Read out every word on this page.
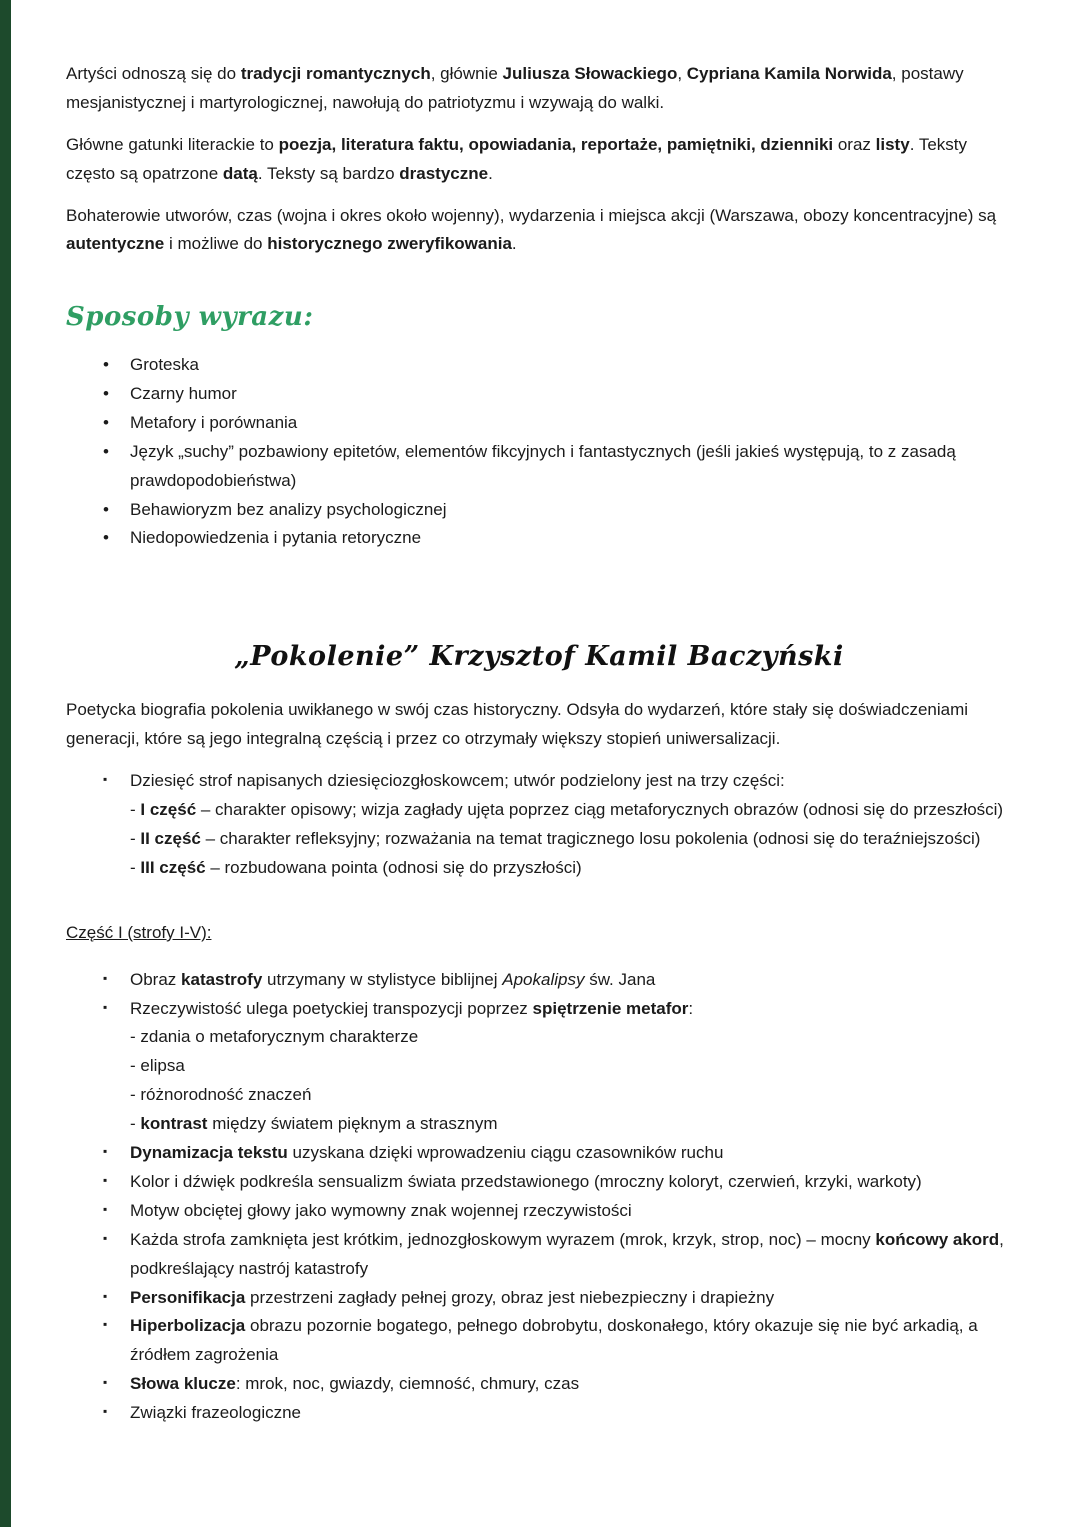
Artyści odnoszą się do tradycji romantycznych, głównie Juliusza Słowackiego, Cypriana Kamila Norwida, postawy mesjanistycznej i martyrologicznej, nawołują do patriotyzmu i wzywają do walki.

Główne gatunki literackie to poezja, literatura faktu, opowiadania, reportaże, pamiętniki, dzienniki oraz listy. Teksty często są opatrzone datą. Teksty są bardzo drastyczne.

Bohaterowie utworów, czas (wojna i okres około wojenny), wydarzenia i miejsca akcji (Warszawa, obozy koncentracyjne) są autentyczne i możliwe do historycznego zweryfikowania.

Sposoby wyrazu:
• Groteska
• Czarny humor
• Metafory i porównania
• Język „suchy” pozbawiony epitetów, elementów fikcyjnych i fantastycznych (jeśli jakieś występują, to z zasadą prawdopodobieństwa)
• Behawioryzm bez analizy psychologicznej
• Niedopowiedzenia i pytania retoryczne
„Pokolenie” Krzysztof Kamil Baczyński

Poetycka biografia pokolenia uwikłanego w swój czas historyczny. Odsyła do wydarzeń, które stały się doświadczeniami generacji, które są jego integralną częścią i przez co otrzymały większy stopień uniwersalizacji.

▪ Dziesięć strof napisanych dziesięciozgłoskowcem; utwór podzielony jest na trzy części:
- I część – charakter opisowy; wizja zagłady ujęta poprzez ciąg metaforycznych obrazów (odnosi się do przeszłości)
- II część – charakter refleksyjny; rozważania na temat tragicznego losu pokolenia (odnosi się do teraźniejszości)
- III część – rozbudowana pointa (odnosi się do przyszłości)
Część I (strofy I-V):
▪ Obraz katastrofy utrzymany w stylistyce biblijnej Apokalipsy św. Jana
▪ Rzeczywistość ulega poetyckiej transpozycji poprzez spiętrzenie metafor:
- zdania o metaforycznym charakterze
- elipsa
- różnorodność znaczeń
- kontrast między światem pięknym a strasznym
▪ Dynamizacja tekstu uzyskana dzięki wprowadzeniu ciągu czasowników ruchu
▪ Kolor i dźwięk podkreśla sensualizm świata przedstawionego (mroczny koloryt, czerwień, krzyki, warkoty)
▪ Motyw obciętej głowy jako wymowny znak wojennej rzeczywistości
▪ Każda strofa zamknięta jest krótkim, jednozgłoskowym wyrazem (mrok, krzyk, strop, noc) – mocny końcowy akord, podkreślający nastrój katastrofy
▪ Personifikacja przestrzeni zagłady pełnej grozy, obraz jest niebezpieczny i drapieżny
▪ Hiperbolizacja obrazu pozornie bogatego, pełnego dobrobytu, doskonałego, który okazuje się nie być arkadią, a źródłem zagrożenia
▪ Słowa klucze: mrok, noc, gwiazdy, ciemność, chmury, czas
▪ Związki frazeologiczne
